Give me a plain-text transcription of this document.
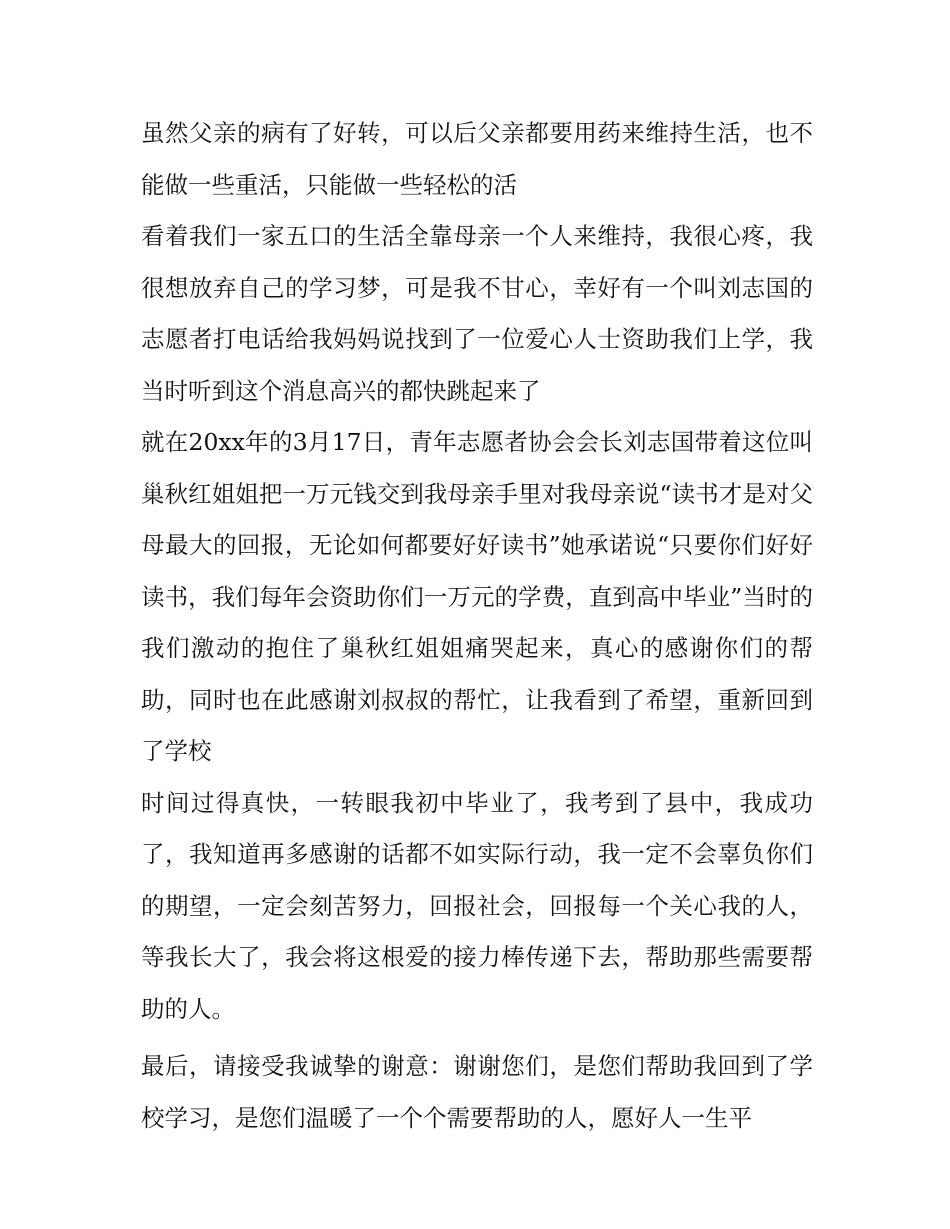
虽然父亲的病有了好转，可以后父亲都要用药来维持生活，也不能做一些重活，只能做一些轻松的活

看着我们一家五口的生活全靠母亲一个人来维持，我很心疼，我很想放弃自己的学习梦，可是我不甘心，幸好有一个叫刘志国的志愿者打电话给我妈妈说找到了一位爱心人士资助我们上学，我当时听到这个消息高兴的都快跳起来了

就在20xx年的3月17日，青年志愿者协会会长刘志国带着这位叫巢秋红姐姐把一万元钱交到我母亲手里对我母亲说“读书才是对父母最大的回报，无论如何都要好好读书”她承诺说“只要你们好好读书，我们每年会资助你们一万元的学费，直到高中毕业”当时的我们激动的抱住了巢秋红姐姐痛哭起来，真心的感谢你们的帮助，同时也在此感谢刘叔叔的帮忙，让我看到了希望，重新回到了学校

时间过得真快，一转眼我初中毕业了，我考到了县中，我成功了，我知道再多感谢的话都不如实际行动，我一定不会辜负你们的期望，一定会刻苦努力，回报社会，回报每一个关心我的人，等我长大了，我会将这根爱的接力棒传递下去，帮助那些需要帮助的人。

最后，请接受我诚挚的谢意：谢谢您们，是您们帮助我回到了学校学习，是您们温暖了一个个需要帮助的人，愿好人一生平
